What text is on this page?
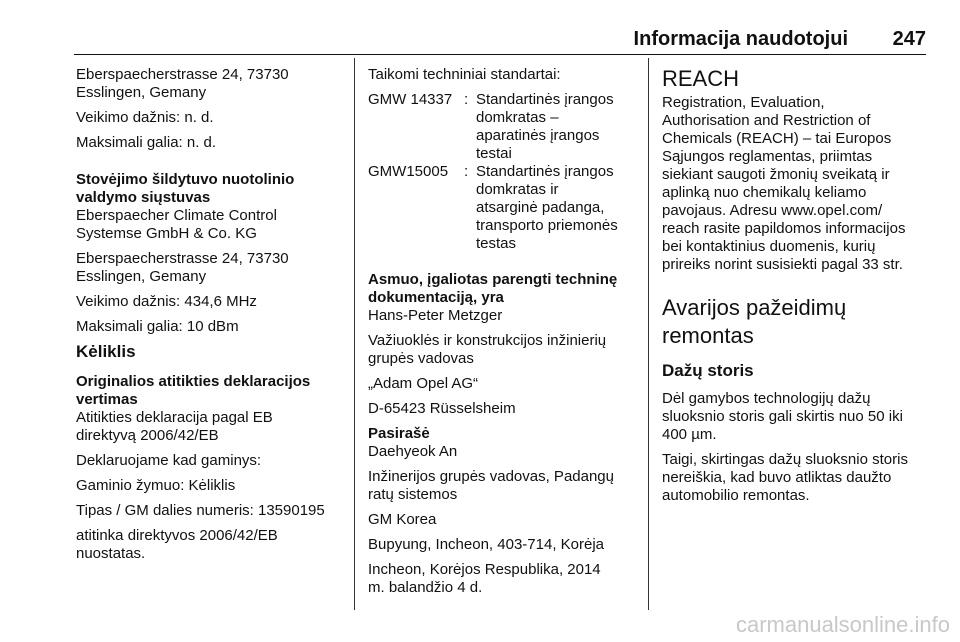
Informacija naudotojui 247
Eberspaecherstrasse 24, 73730
Esslingen, Gemany
Veikimo dažnis: n. d.
Maksimali galia: n. d.
Stovėjimo šildytuvo nuotolinio
valdymo siųstuvas
Eberspaecher Climate Control
Systemse GmbH & Co. KG
Eberspaecherstrasse 24, 73730
Esslingen, Gemany
Veikimo dažnis: 434,6 MHz
Maksimali galia: 10 dBm
Kėliklis
Originalios atitikties deklaracijos
vertimas
Atitikties deklaracija pagal EB
direktyvą 2006/42/EB
Deklaruojame kad gaminys:
Gaminio žymuo: Kėliklis
Tipas / GM dalies numeris: 13590195
atitinka direktyvos 2006/42/EB
nuostatas.
Taikomi techniniai standartai:
GMW 14337 : Standartinės įrangos
domkratas –
aparatinės įrangos
testai
GMW15005	: Standartinės įrangos
domkratas ir
atsarginė padanga,
transporto priemonės
testas
Asmuo, įgaliotas parengti techninę
dokumentaciją, yra
Hans-Peter Metzger
Važiuoklės ir konstrukcijos inžinierių
grupės vadovas
„Adam Opel AG“
D-65423 Rüsselsheim
Pasirašė
Daehyeok An
Inžinerijos grupės vadovas, Padangų
ratų sistemos
GM Korea
Bupyung, Incheon, 403-714, Korėja
Incheon, Korėjos Respublika, 2014
m. balandžio 4 d.
REACH
Registration, Evaluation,
Authorisation and Restriction of
Chemicals (REACH) – tai Europos
Sąjungos reglamentas, priimtas
siekiant saugoti žmonių sveikatą ir
aplinką nuo chemikalų keliamo
pavojaus. Adresu www.opel.com/
reach rasite papildomos informacijos
bei kontaktinius duomenis, kurių
prireiks norint susisiekti pagal 33 str.
Avarijos pažeidimų
remontas
Dažų storis
Dėl gamybos technologijų dažų
sluoksnio storis gali skirtis nuo 50 iki
400 µm.
Taigi, skirtingas dažų sluoksnio storis
nereiškia, kad buvo atliktas daužto
automobilio remontas.
carmanualsonline.info
